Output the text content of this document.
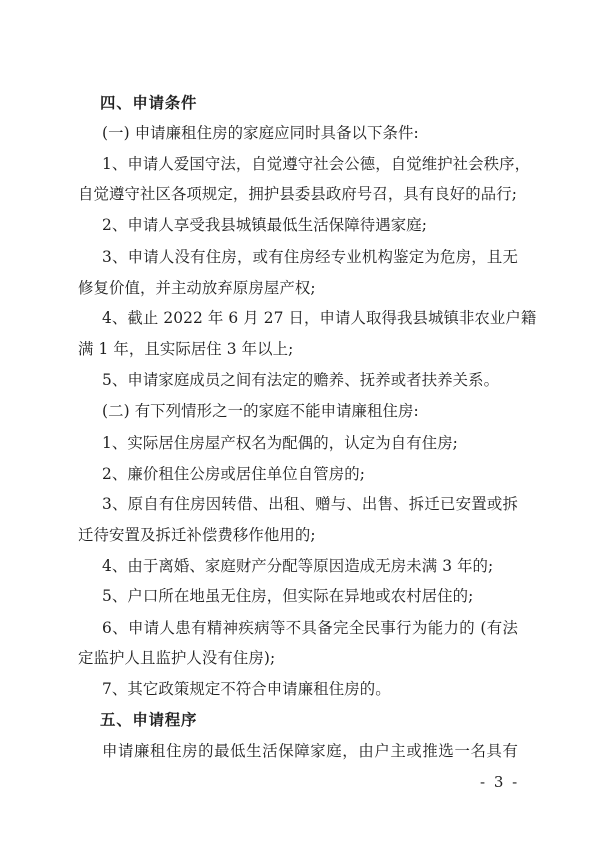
四、申请条件
(一) 申请廉租住房的家庭应同时具备以下条件:
1、申请人爱国守法，自觉遵守社会公德，自觉维护社会秩序，
自觉遵守社区各项规定，拥护县委县政府号召，具有良好的品行;
2、申请人享受我县城镇最低生活保障待遇家庭;
3、申请人没有住房，或有住房经专业机构鉴定为危房，且无
修复价值，并主动放弃原房屋产权;
4、截止 2022 年 6 月 27 日，申请人取得我县城镇非农业户籍
满 1 年，且实际居住 3 年以上;
5、申请家庭成员之间有法定的赡养、抚养或者扶养关系。
(二) 有下列情形之一的家庭不能申请廉租住房:
1、实际居住房屋产权名为配偶的，认定为自有住房;
2、廉价租住公房或居住单位自管房的;
3、原自有住房因转借、出租、赠与、出售、拆迁已安置或拆
迁待安置及拆迁补偿费移作他用的;
4、由于离婚、家庭财产分配等原因造成无房未满 3 年的;
5、户口所在地虽无住房，但实际在异地或农村居住的;
6、申请人患有精神疾病等不具备完全民事行为能力的 (有法
定监护人且监护人没有住房);
7、其它政策规定不符合申请廉租住房的。
五、申请程序
申请廉租住房的最低生活保障家庭，由户主或推选一名具有
- 3 -
